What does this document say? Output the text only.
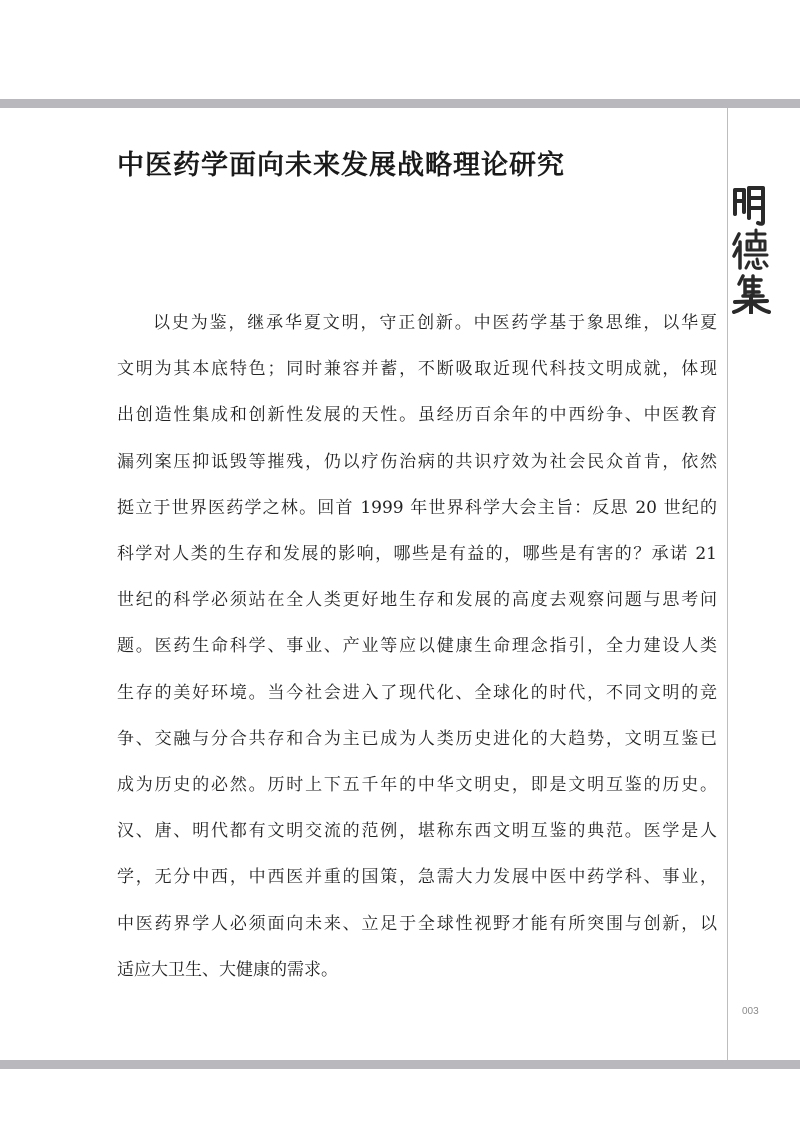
中医药学面向未来发展战略理论研究
以史为鉴，继承华夏文明，守正创新。中医药学基于象思维，以华夏
文明为其本底特色；同时兼容并蓄，不断吸取近现代科技文明成就，体现
出创造性集成和创新性发展的天性。虽经历百余年的中西纷争、中医教育
漏列案压抑诋毁等摧残，仍以疗伤治病的共识疗效为社会民众首肯，依然
挺立于世界医药学之林。回首 1999 年世界科学大会主旨：反思 20 世纪的
科学对人类的生存和发展的影响，哪些是有益的，哪些是有害的？承诺 21
世纪的科学必须站在全人类更好地生存和发展的高度去观察问题与思考问
题。医药生命科学、事业、产业等应以健康生命理念指引，全力建设人类
生存的美好环境。当今社会进入了现代化、全球化的时代，不同文明的竞
争、交融与分合共存和合为主已成为人类历史进化的大趋势，文明互鉴已
成为历史的必然。历时上下五千年的中华文明史，即是文明互鉴的历史。
汉、唐、明代都有文明交流的范例，堪称东西文明互鉴的典范。医学是人
学，无分中西，中西医并重的国策，急需大力发展中医中药学科、事业，
中医药界学人必须面向未来、立足于全球性视野才能有所突围与创新，以
适应大卫生、大健康的需求。
003
